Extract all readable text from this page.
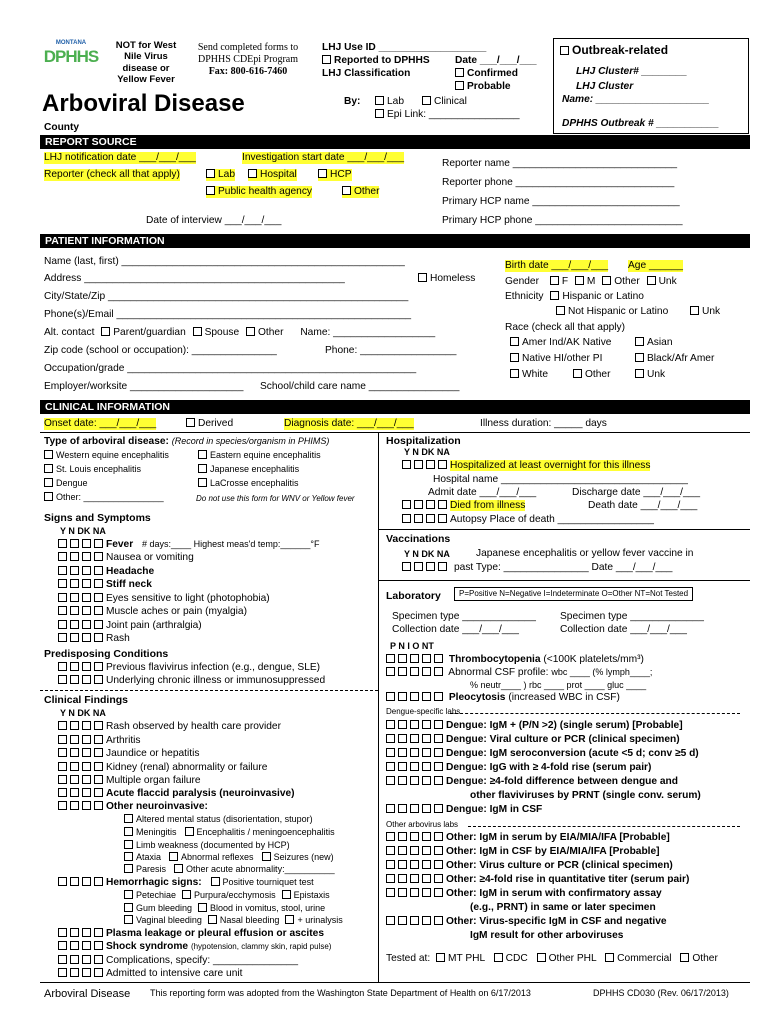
MONTANA
DPHHS
NOT for West
Nile Virus
disease or
Yellow Fever
Send completed forms to
DPHHS CDEpi Program
Fax: 800-616-7460
Arboviral Disease
County
LHJ Use ID ___________________
Reported to DPHHS Date ___/___/___
LHJ Classification	Confirmed
Probable
By:	Lab	Clinical
Epi Link: ________________
Outbreak-related
LHJ Cluster# ________
LHJ Cluster
Name: ____________________
DPHHS Outbreak # ___________
REPORT SOURCE
LHJ notification date ___/___/___	Investigation start date ___/___/___
Reporter (check all that apply)	Lab	Hospital	HCP
Public health agency	Other
Date of interview ___/___/___
Reporter name _____________________________
Reporter phone ____________________________
Primary HCP name __________________________
Primary HCP phone __________________________
PATIENT INFORMATION
Name (last, first) __________________________________________________
Address ______________________________________________	Homeless
City/State/Zip _____________________________________________________
Phone(s)/Email ____________________________________________________
Alt. contact Parent/guardian Spouse Other Name: __________________
Zip code (school or occupation): _______________	Phone: _________________
Occupation/grade ___________________________________________________
Employer/worksite ____________________ School/child care name ________________
Birth date ___/___/___ Age ______
Gender F M Other Unk
Ethnicity Hispanic or Latino
Not Hispanic or Latino	Unk
Race (check all that apply)
Amer Ind/AK Native	Asian
Native HI/other PI	Black/Afr Amer
White	Other	Unk
CLINICAL INFORMATION
Onset date: ___/___/___	Derived	Diagnosis date: ___/___/___	Illness duration: _____ days
Type of arboviral disease: (Record in species/organism in PHIMS)
Western equine encephalitis	Eastern equine encephalitis
St. Louis encephalitis	Japanese encephalitis
Dengue	LaCrosse encephalitis
Other: ________________	Do not use this form for WNV or Yellow fever
Signs and Symptoms
Y N DK NA
Fever # days:____ Highest meas'd temp:______°F
Nausea or vomiting
Headache
Stiff neck
Eyes sensitive to light (photophobia)
Muscle aches or pain (myalgia)
Joint pain (arthralgia)
Rash
Predisposing Conditions
Previous flavivirus infection (e.g., dengue, SLE)
Underlying chronic illness or immunosuppressed
Clinical Findings
Y N DK NA
Rash observed by health care provider
Arthritis
Jaundice or hepatitis
Kidney (renal) abnormality or failure
Multiple organ failure
Acute flaccid paralysis (neuroinvasive)
Other neuroinvasive:
Altered mental status (disorientation, stupor)
Meningitis Encephalitis / meningoencephalitis
Limb weakness (documented by HCP)
Ataxia Abnormal reflexes Seizures (new)
Paresis Other acute abnormality:__________
Hemorrhagic signs: Positive tourniquet test
Petechiae Purpura/ecchymosis Epistaxis
Gum bleeding Blood in vomitus, stool, urine
Vaginal bleeding Nasal bleeding + urinalysis
Plasma leakage or pleural effusion or ascites
Shock syndrome (hypotension, clammy skin, rapid pulse)
Complications, specify: _______________
Admitted to intensive care unit
Hospitalization
Y N DK NA
Hospitalized at least overnight for this illness
Hospital name _________________________________
Admit date ___/___/___	Discharge date ___/___/___
Died from illness	Death date ___/___/___
Autopsy Place of death _________________
Vaccinations
Y N DK NA	Japanese encephalitis or yellow fever vaccine in
past Type: _______________ Date ___/___/___
Laboratory	P=Positive N=Negative I=Indeterminate O=Other NT=Not Tested
Specimen type _____________
Collection date ___/___/___
Specimen type _____________
Collection date ___/___/___
P N I O NT
Thrombocytopenia (<100K platelets/mm³)
Abnormal CSF profile: wbc ____ (% lymph____;
% neutr____ ) rbc ____ prot ____ gluc ____
Pleocytosis (increased WBC in CSF)
Dengue-specific labs
Dengue: IgM + (P/N >2) (single serum) [Probable]
Dengue: Viral culture or PCR (clinical specimen)
Dengue: IgM seroconversion (acute <5 d; conv ≥5 d)
Dengue: IgG with ≥ 4-fold rise (serum pair)
Dengue: ≥4-fold difference between dengue and
other flaviviruses by PRNT (single conv. serum)
Dengue: IgM in CSF
Other arbovirus labs
Other: IgM in serum by EIA/MIA/IFA [Probable]
Other: IgM in CSF by EIA/MIA/IFA [Probable]
Other: Virus culture or PCR (clinical specimen)
Other: ≥4-fold rise in quantitative titer (serum pair)
Other: IgM in serum with confirmatory assay
(e.g., PRNT) in same or later specimen
Other: Virus-specific IgM in CSF and negative
IgM result for other arboviruses
Tested at: MT PHL CDC Other PHL Commercial Other
Arboviral Disease This reporting form was adopted from the Washington State Department of Health on 6/17/2013	DPHHS CD030 (Rev. 06/17/2013)
